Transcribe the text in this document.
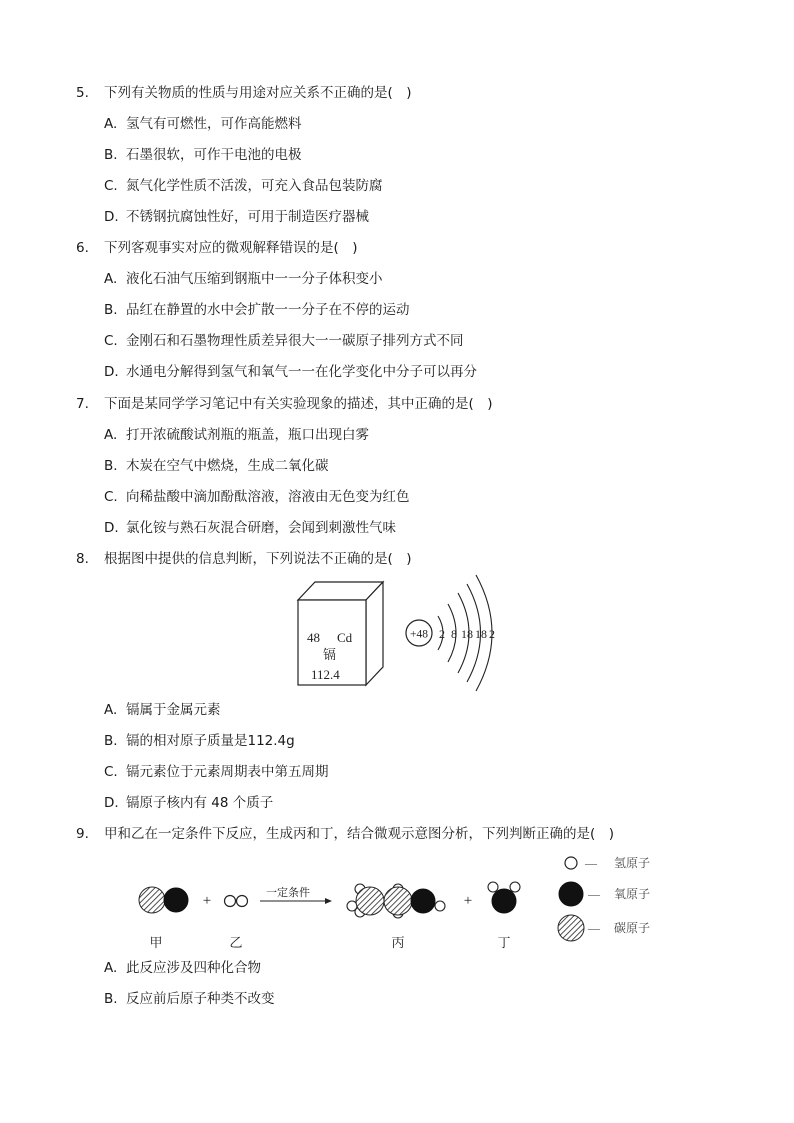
5. 下列有关物质的性质与用途对应关系不正确的是(　)
A. 氢气有可燃性，可作高能燃料
B. 石墨很软，可作干电池的电极
C. 氮气化学性质不活泼，可充入食品包装防腐
D. 不锈钢抗腐蚀性好，可用于制造医疗器械
6. 下列客观事实对应的微观解释错误的是(　)
A. 液化石油气压缩到钢瓶中一一分子体积变小
B. 品红在静置的水中会扩散一一分子在不停的运动
C. 金刚石和石墨物理性质差异很大一一碳原子排列方式不同
D. 水通电分解得到氢气和氧气一一在化学变化中分子可以再分
7. 下面是某同学学习笔记中有关实验现象的描述，其中正确的是(　)
A. 打开浓硫酸试剂瓶的瓶盖，瓶口出现白雾
B. 木炭在空气中燃烧，生成二氧化碳
C. 向稀盐酸中滴加酚酞溶液，溶液由无色变为红色
D. 氯化铵与熟石灰混合研磨，会闻到刺激性气味
8. 根据图中提供的信息判断，下列说法不正确的是(　)
48 Cd
镉
112.4
+48 2 8 18 18 2
A. 镉属于金属元素
B. 镉的相对原子质量是112.4g
C. 镉元素位于元素周期表中第五周期
D. 镉原子核内有 48 个质子
9. 甲和乙在一定条件下反应，生成丙和丁，结合微观示意图分析，下列判断正确的是(　)
+	一定条件	+
甲	乙	丙	丁
— 氢原子
— 氧原子
— 碳原子
A. 此反应涉及四种化合物
B. 反应前后原子种类不改变
